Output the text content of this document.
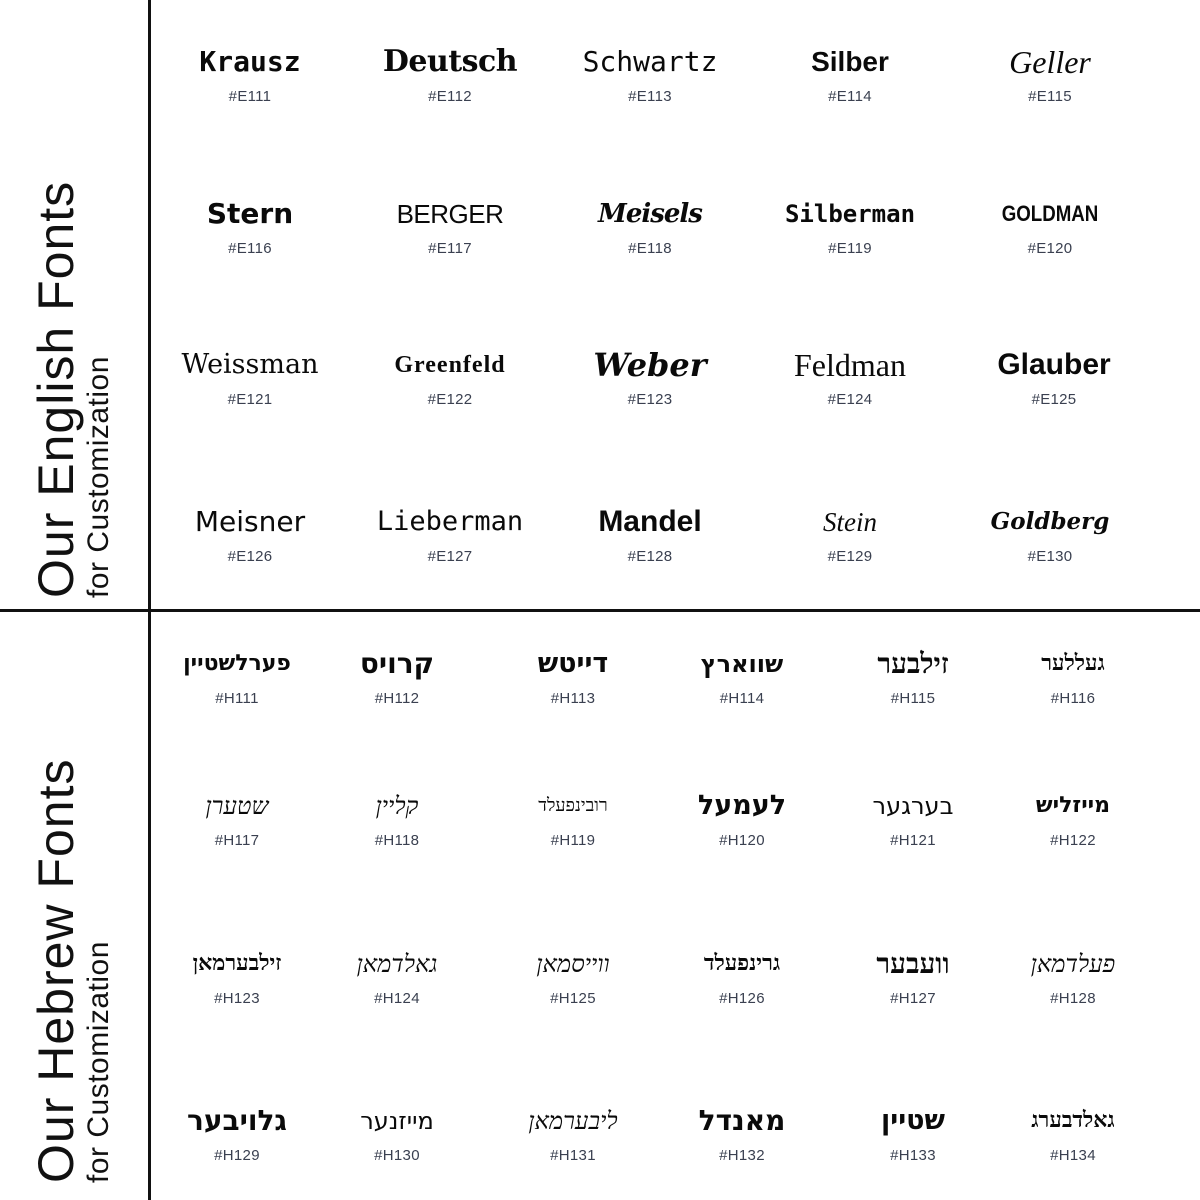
Our English Fonts
for Customization
Our Hebrew Fonts
for Customization
Krausz
#E111
Deutsch
#E112
Schwartz
#E113
Silber
#E114
Geller
#E115
Stern
#E116
BERGER
#E117
Meisels
#E118
Silberman
#E119
GOLDMAN
#E120
Weissman
#E121
Greenfeld
#E122
Weber
#E123
Feldman
#E124
Glauber
#E125
Meisner
#E126
Lieberman
#E127
Mandel
#E128
Stein
#E129
Goldberg
#E130
פערלשטיין
#H111
קרויס
#H112
דייטש
#H113
שווארץ
#H114
זילבער
#H115
געללער
#H116
שטערן
#H117
קליין
#H118
רובינפעלד
#H119
לעמעל
#H120
בערגער
#H121
מייזליש
#H122
זילבערמאן
#H123
גאלדמאן
#H124
ווייסמאן
#H125
גרינפעלד
#H126
וועבער
#H127
פעלדמאן
#H128
גלויבער
#H129
מייזנער
#H130
ליבערמאן
#H131
מאנדל
#H132
שטיין
#H133
גאלדבערג
#H134
